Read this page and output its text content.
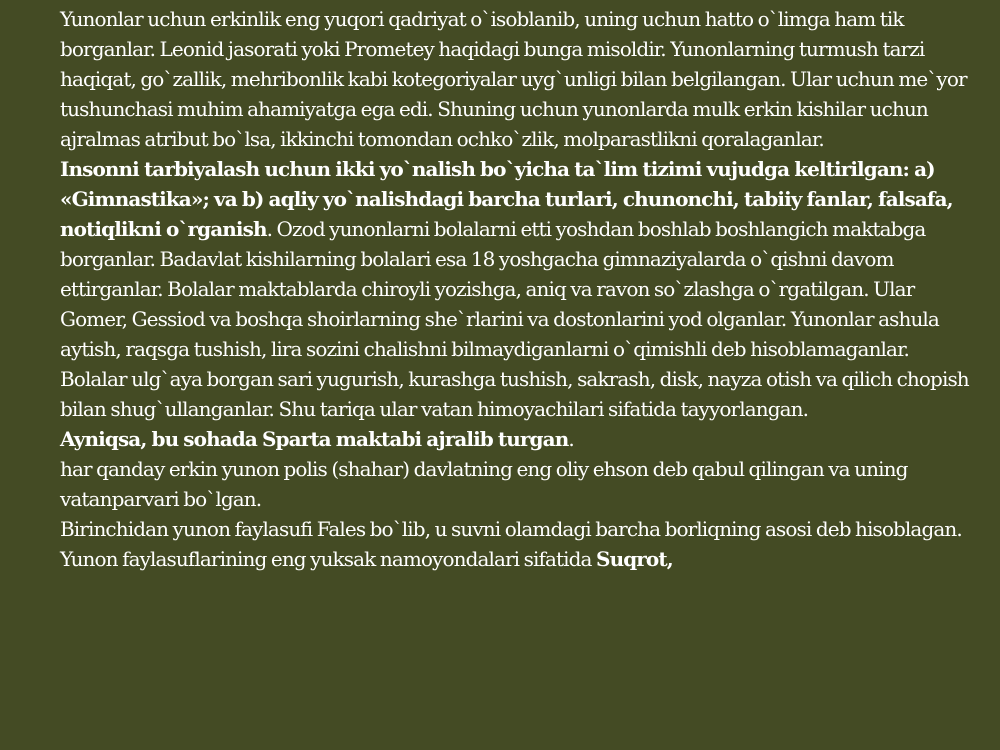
Yunonlar uchun erkinlik eng yuqori qadriyat o`isoblanib, uning uchun hatto o`limga ham tik borganlar. Leonid jasorati yoki Prometey haqidagi bunga misoldir. Yunonlarning turmush tarzi haqiqat, go`zallik, mehribonlik kabi kotegoriyalar uyg`unligi bilan belgilangan. Ular uchun me`yor tushunchasi muhim ahamiyatga ega edi. Shuning uchun yunonlarda mulk erkin kishilar uchun ajralmas atribut bo`lsa, ikkinchi tomondan ochko`zlik, molparastlikni qoralaganlar.

Insonni tarbiyalash uchun ikki yo`nalish bo`yicha ta`lim tizimi vujudga keltirilgan: a) «Gimnastika»; va b) aqliy yo`nalishdagi barcha turlari, chunonchi, tabiiy fanlar, falsafa, notiqlikni o`rganish. Ozod yunonlarni bolalarni etti yoshdan boshlab boshlangich maktabga borganlar. Badavlat kishilarning bolalari esa 18 yoshgacha gimnaziyalarda o`qishni davom ettirganlar. Bolalar maktablarda chiroyli yozishga, aniq va ravon so`zlashga o`rgatilgan. Ular Gomer, Gessiod va boshqa shoirlarning she`rlarini va dostonlarini yod olganlar. Yunonlar ashula aytish, raqsga tushish, lira sozini chalishni bilmaydiganlarni o`qimishli deb hisoblamaganlar. Bolalar ulg`aya borgan sari yugurish, kurashga tushish, sakrash, disk, nayza otish va qilich chopish bilan shug`ullanganlar. Shu tariqa ular vatan himoyachilari sifatida tayyorlangan.

Ayniqsa, bu sohada Sparta maktabi ajralib turgan.

har qanday erkin yunon polis (shahar) davlatning eng oliy ehson deb qabul qilingan va uning vatanparvari bo`lgan.

Birinchidan yunon faylasufi Fales bo`lib, u suvni olamdagi barcha borliqning asosi deb hisoblagan. Yunon faylasuflarining eng yuksak namoyondalari sifatida Suqrot,
